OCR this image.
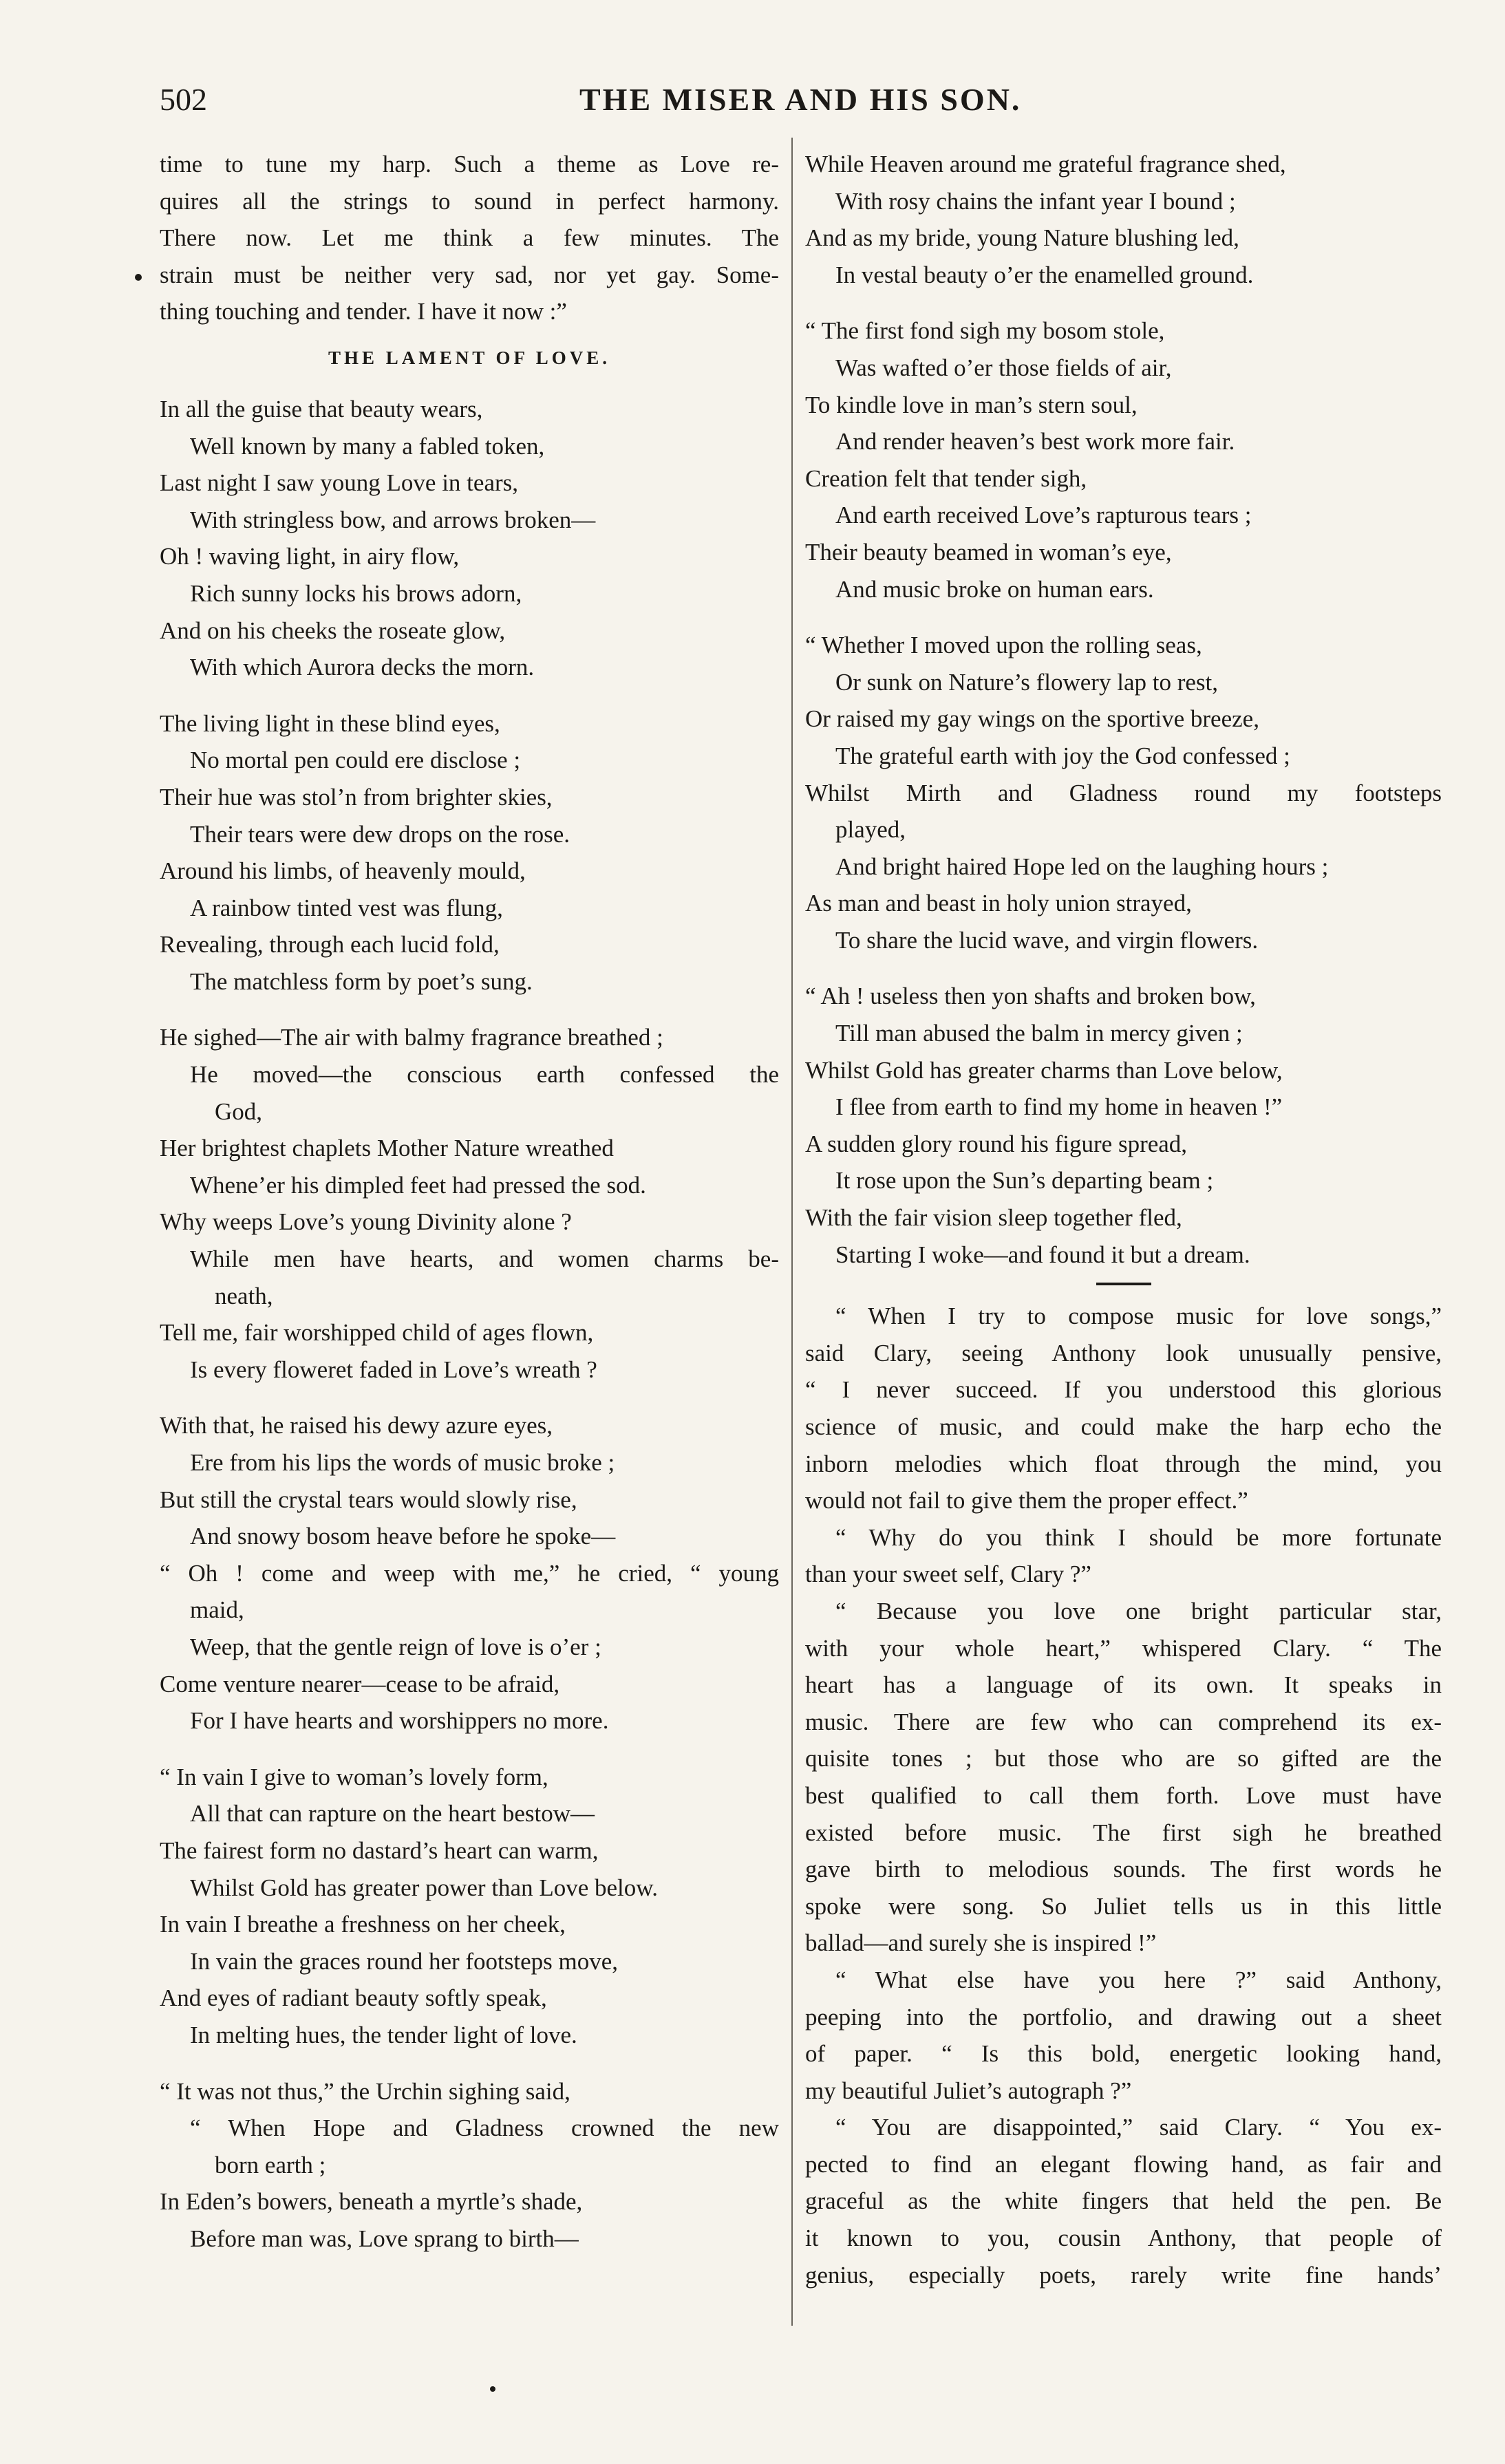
502	THE MISER AND HIS SON.
time to tune my harp. Such a theme as Love re-
quires all the strings to sound in perfect harmony.
There now. Let me think a few minutes. The
strain must be neither very sad, nor yet gay. Some-
thing touching and tender. I have it now :”
THE LAMENT OF LOVE.
In all the guise that beauty wears,
Well known by many a fabled token,
Last night I saw young Love in tears,
With stringless bow, and arrows broken—
Oh ! waving light, in airy flow,
Rich sunny locks his brows adorn,
And on his cheeks the roseate glow,
With which Aurora decks the morn.
The living light in these blind eyes,
No mortal pen could ere disclose ;
Their hue was stol’n from brighter skies,
Their tears were dew drops on the rose.
Around his limbs, of heavenly mould,
A rainbow tinted vest was flung,
Revealing, through each lucid fold,
The matchless form by poet’s sung.
He sighed—The air with balmy fragrance breathed ;
He moved—the conscious earth confessed the
God,
Her brightest chaplets Mother Nature wreathed
Whene’er his dimpled feet had pressed the sod.
Why weeps Love’s young Divinity alone ?
While men have hearts, and women charms be-
neath,
Tell me, fair worshipped child of ages flown,
Is every floweret faded in Love’s wreath ?
With that, he raised his dewy azure eyes,
Ere from his lips the words of music broke ;
But still the crystal tears would slowly rise,
And snowy bosom heave before he spoke—
“ Oh ! come and weep with me,” he cried, “ young
maid,
Weep, that the gentle reign of love is o’er ;
Come venture nearer—cease to be afraid,
For I have hearts and worshippers no more.
“ In vain I give to woman’s lovely form,
All that can rapture on the heart bestow—
The fairest form no dastard’s heart can warm,
Whilst Gold has greater power than Love below.
In vain I breathe a freshness on her cheek,
In vain the graces round her footsteps move,
And eyes of radiant beauty softly speak,
In melting hues, the tender light of love.
“ It was not thus,” the Urchin sighing said,
“ When Hope and Gladness crowned the new
born earth ;
In Eden’s bowers, beneath a myrtle’s shade,
Before man was, Love sprang to birth—
While Heaven around me grateful fragrance shed,
With rosy chains the infant year I bound ;
And as my bride, young Nature blushing led,
In vestal beauty o’er the enamelled ground.
“ The first fond sigh my bosom stole,
Was wafted o’er those fields of air,
To kindle love in man’s stern soul,
And render heaven’s best work more fair.
Creation felt that tender sigh,
And earth received Love’s rapturous tears ;
Their beauty beamed in woman’s eye,
And music broke on human ears.
“ Whether I moved upon the rolling seas,
Or sunk on Nature’s flowery lap to rest,
Or raised my gay wings on the sportive breeze,
The grateful earth with joy the God confessed ;
Whilst Mirth and Gladness round my footsteps
played,
And bright haired Hope led on the laughing hours ;
As man and beast in holy union strayed,
To share the lucid wave, and virgin flowers.
“ Ah ! useless then yon shafts and broken bow,
Till man abused the balm in mercy given ;
Whilst Gold has greater charms than Love below,
I flee from earth to find my home in heaven !”
A sudden glory round his figure spread,
It rose upon the Sun’s departing beam ;
With the fair vision sleep together fled,
Starting I woke—and found it but a dream.
“ When I try to compose music for love songs,”
said Clary, seeing Anthony look unusually pensive,
“ I never succeed. If you understood this glorious
science of music, and could make the harp echo the
inborn melodies which float through the mind, you
would not fail to give them the proper effect.”
“ Why do you think I should be more fortunate
than your sweet self, Clary ?”
“ Because you love one bright particular star,
with your whole heart,” whispered Clary. “ The
heart has a language of its own. It speaks in
music. There are few who can comprehend its ex-
quisite tones ; but those who are so gifted are the
best qualified to call them forth. Love must have
existed before music. The first sigh he breathed
gave birth to melodious sounds. The first words he
spoke were song. So Juliet tells us in this little
ballad—and surely she is inspired !”
“ What else have you here ?” said Anthony,
peeping into the portfolio, and drawing out a sheet
of paper. “ Is this bold, energetic looking hand,
my beautiful Juliet’s autograph ?”
“ You are disappointed,” said Clary. “ You ex-
pected to find an elegant flowing hand, as fair and
graceful as the white fingers that held the pen. Be
it known to you, cousin Anthony, that people of
genius, especially poets, rarely write fine hands’
